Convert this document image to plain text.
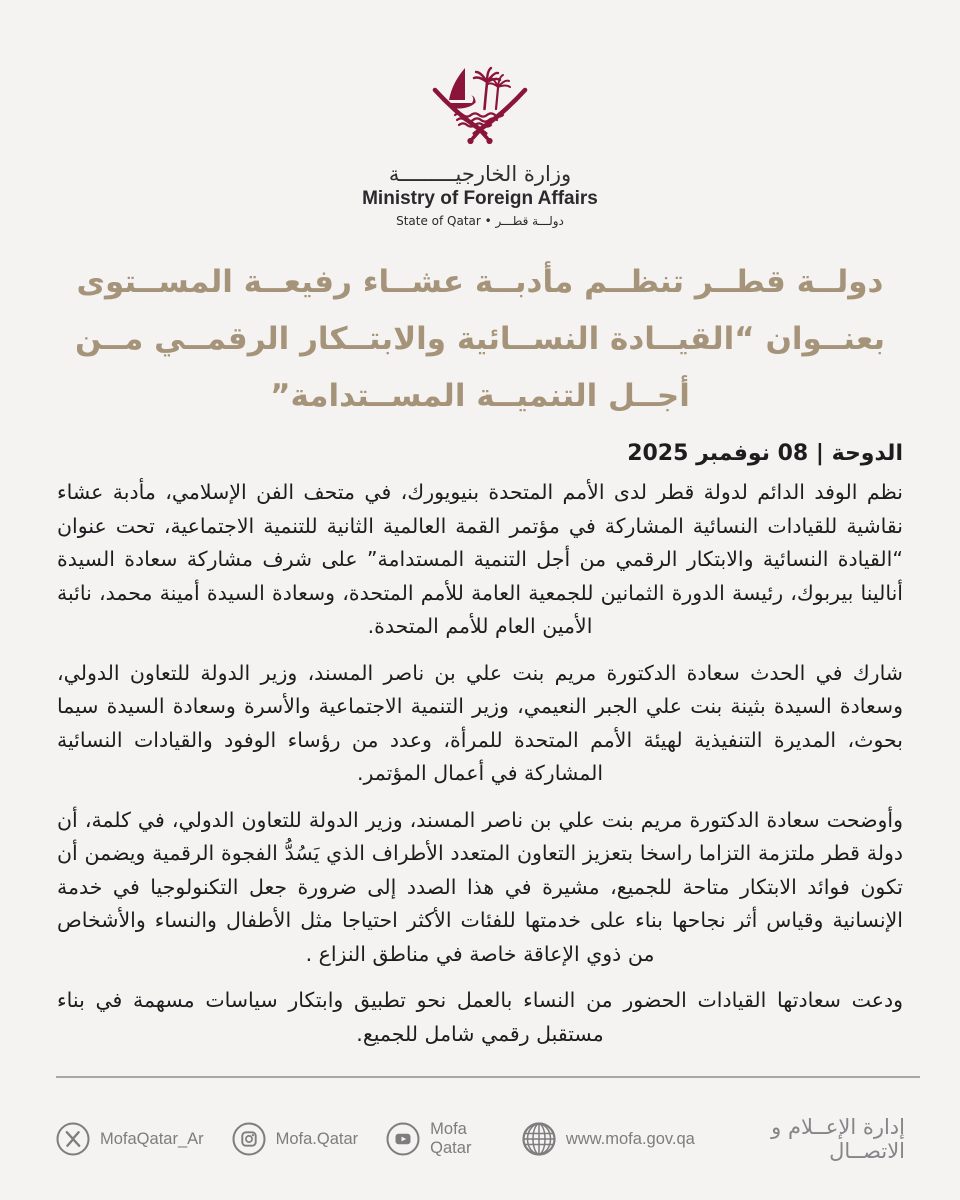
وزارة الخارجيـــــــــة
Ministry of Foreign Affairs
دولـــة قطـــر • State of Qatar
دولــة قطــر تنظــم مأدبــة عشــاء رفيعــة المســتوى
بعنــوان “القيــادة النســائية والابتــكار الرقمــي مــن
أجــل التنميــة المســتدامة”
الدوحة | 08 نوفمبر 2025

نظم الوفد الدائم لدولة قطر لدى الأمم المتحدة بنيويورك، في متحف الفن الإسلامي، مأدبة عشاء نقاشية للقيادات النسائية المشاركة في مؤتمر القمة العالمية الثانية للتنمية الاجتماعية، تحت عنوان “القيادة النسائية والابتكار الرقمي من أجل التنمية المستدامة” على شرف مشاركة سعادة السيدة أنالينا بيربوك، رئيسة الدورة الثمانين للجمعية العامة للأمم المتحدة، وسعادة السيدة أمينة محمد، نائبة الأمين العام للأمم المتحدة.

شارك في الحدث سعادة الدكتورة مريم بنت علي بن ناصر المسند، وزير الدولة للتعاون الدولي، وسعادة السيدة بثينة بنت علي الجبر النعيمي، وزير التنمية الاجتماعية والأسرة وسعادة السيدة سيما بحوث، المديرة التنفيذية لهيئة الأمم المتحدة للمرأة، وعدد من رؤساء الوفود والقيادات النسائية المشاركة في أعمال المؤتمر.

وأوضحت سعادة الدكتورة مريم بنت علي بن ناصر المسند، وزير الدولة للتعاون الدولي، في كلمة، أن دولة قطر ملتزمة التزاما راسخا بتعزيز التعاون المتعدد الأطراف الذي يَسُدُّ الفجوة الرقمية ويضمن أن تكون فوائد الابتكار متاحة للجميع، مشيرة في هذا الصدد إلى ضرورة جعل التكنولوجيا في خدمة الإنسانية وقياس أثر نجاحها بناء على خدمتها للفئات الأكثر احتياجا مثل الأطفال والنساء والأشخاص من ذوي الإعاقة خاصة في مناطق النزاع .

ودعت سعادتها القيادات الحضور من النساء بالعمل نحو تطبيق وابتكار سياسات مسهمة في بناء مستقبل رقمي شامل للجميع.

MofaQatar_Ar	Mofa.Qatar
Mofa Qatar
www.mofa.gov.qa	إدارة الإعــلام و الاتصــال
